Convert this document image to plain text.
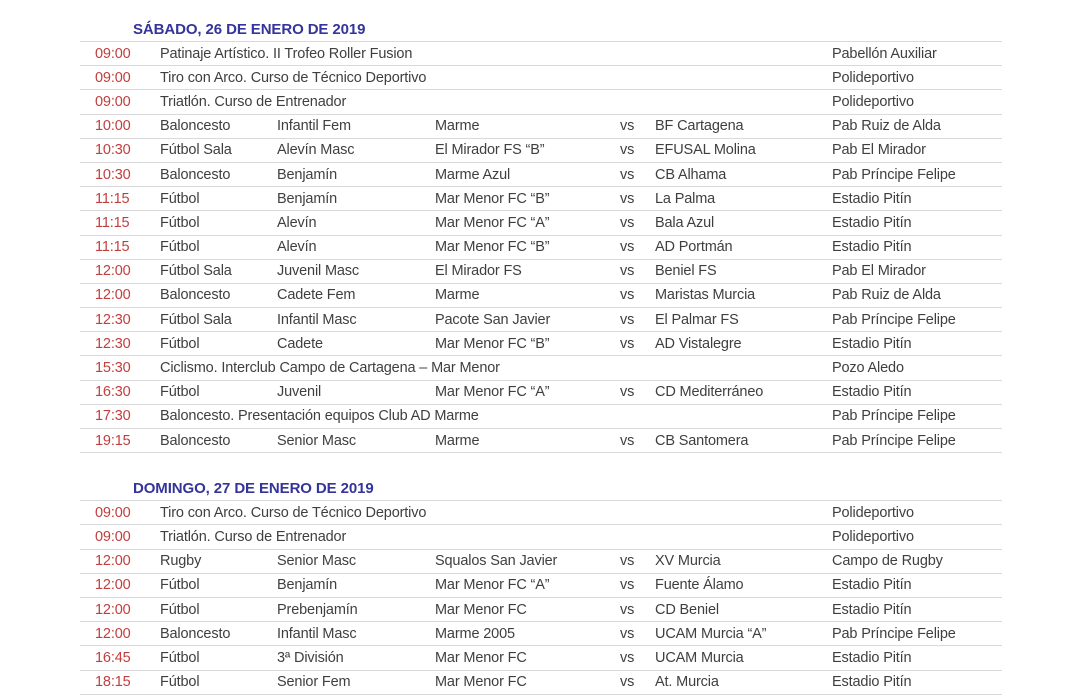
SÁBADO, 26 DE ENERO DE 2019
09:00 Patinaje Artístico. II Trofeo Roller Fusion	Pabellón Auxiliar
09:00 Tiro con Arco. Curso de Técnico Deportivo	Polideportivo
09:00 Triatlón. Curso de Entrenador	Polideportivo
10:00 Baloncesto	Infantil Fem	Marme	vs BF Cartagena	Pab Ruiz de Alda
10:30 Fútbol Sala	Alevín Masc	El Mirador FS “B”	vs EFUSAL Molina	Pab El Mirador
10:30 Baloncesto	Benjamín	Marme Azul	vs CB Alhama	Pab Príncipe Felipe
11:15 Fútbol	Benjamín	Mar Menor FC “B”	vs La Palma	Estadio Pitín
11:15 Fútbol	Alevín	Mar Menor FC “A”	vs Bala Azul	Estadio Pitín
11:15 Fútbol	Alevín	Mar Menor FC “B”	vs AD Portmán	Estadio Pitín
12:00 Fútbol Sala	Juvenil Masc	El Mirador FS	vs Beniel FS	Pab El Mirador
12:00 Baloncesto	Cadete Fem	Marme	vs Maristas Murcia	Pab Ruiz de Alda
12:30 Fútbol Sala	Infantil Masc	Pacote San Javier	vs El Palmar FS	Pab Príncipe Felipe
12:30 Fútbol	Cadete	Mar Menor FC “B”	vs AD Vistalegre	Estadio Pitín
15:30 Ciclismo. Interclub Campo de Cartagena – Mar Menor	Pozo Aledo
16:30 Fútbol	Juvenil	Mar Menor FC “A”	vs CD Mediterráneo	Estadio Pitín
17:30 Baloncesto. Presentación equipos Club AD Marme	Pab Príncipe Felipe
19:15 Baloncesto	Senior Masc	Marme	vs CB Santomera	Pab Príncipe Felipe
DOMINGO, 27 DE ENERO DE 2019
09:00 Tiro con Arco. Curso de Técnico Deportivo	Polideportivo
09:00 Triatlón. Curso de Entrenador	Polideportivo
12:00 Rugby	Senior Masc	Squalos San Javier	vs XV Murcia	Campo de Rugby
12:00 Fútbol	Benjamín	Mar Menor FC “A”	vs Fuente Álamo	Estadio Pitín
12:00 Fútbol	Prebenjamín	Mar Menor FC	vs CD Beniel	Estadio Pitín
12:00 Baloncesto	Infantil Masc	Marme 2005	vs UCAM Murcia “A”	Pab Príncipe Felipe
16:45 Fútbol	3ª División	Mar Menor FC	vs UCAM Murcia	Estadio Pitín
18:15 Fútbol	Senior Fem	Mar Menor FC	vs At. Murcia	Estadio Pitín
